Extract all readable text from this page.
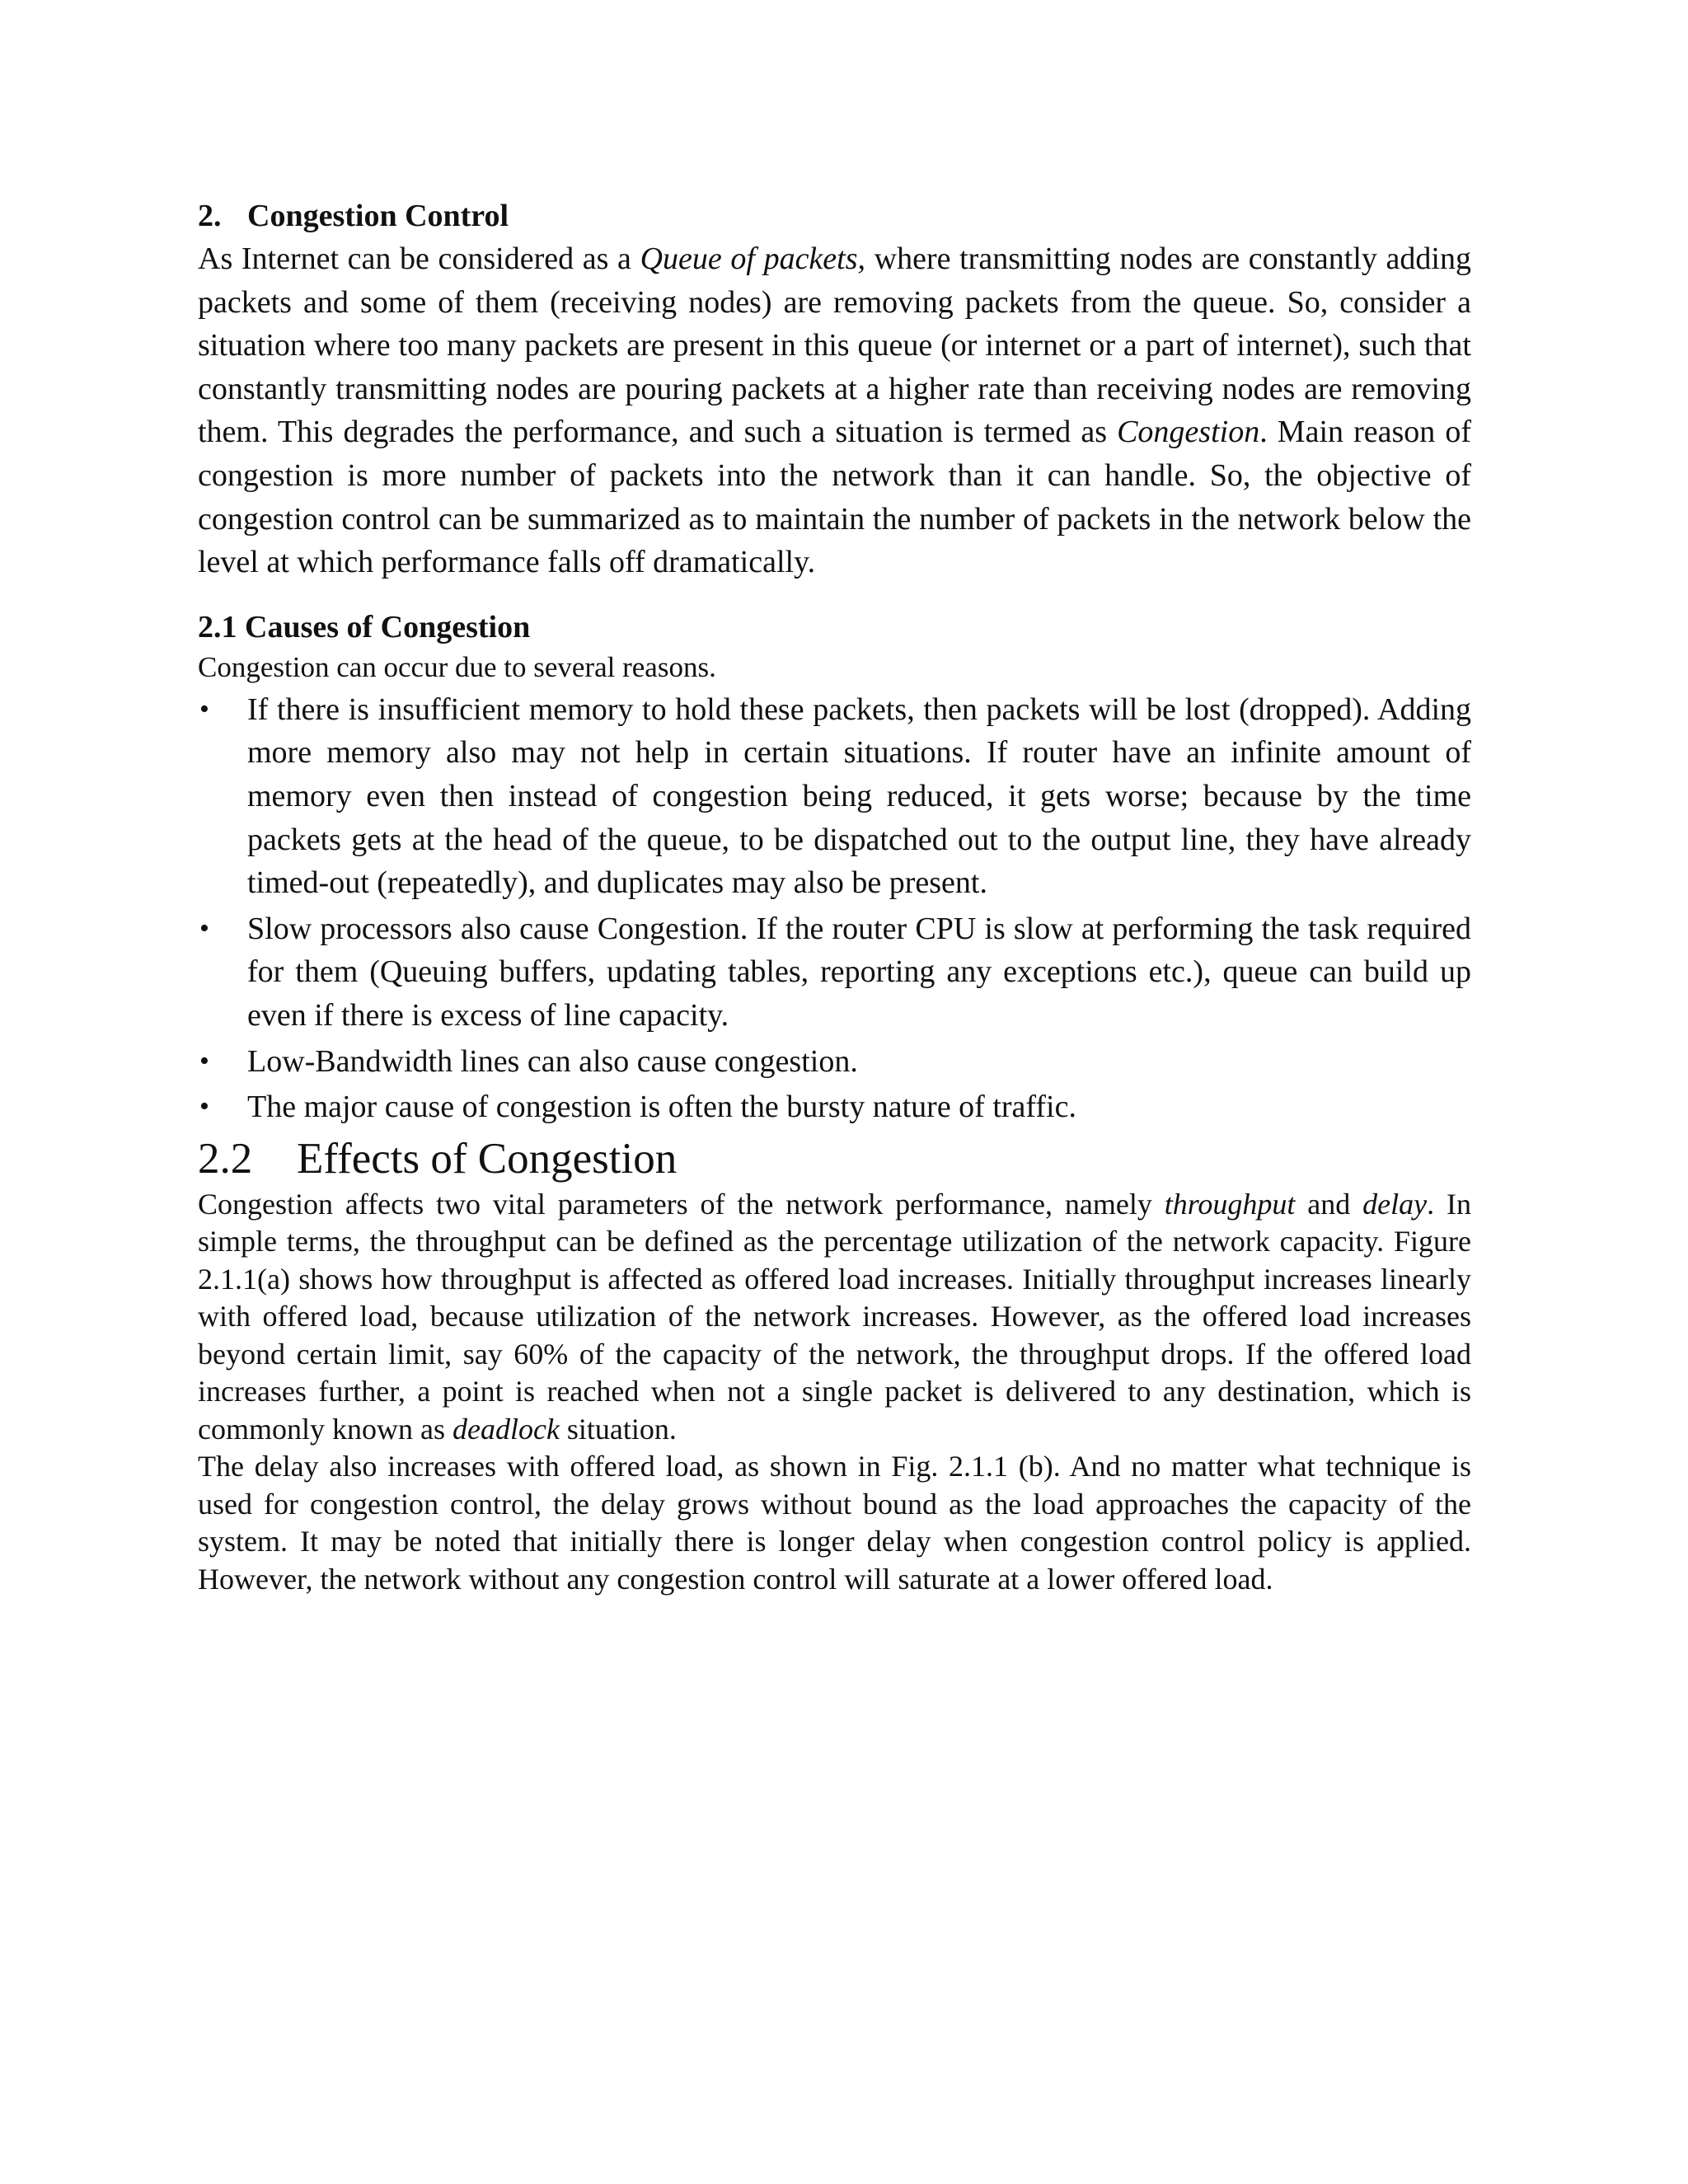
2. Congestion Control

As Internet can be considered as a Queue of packets, where transmitting nodes are constantly adding packets and some of them (receiving nodes) are removing packets from the queue. So, consider a situation where too many packets are present in this queue (or internet or a part of internet), such that constantly transmitting nodes are pouring packets at a higher rate than receiving nodes are removing them. This degrades the performance, and such a situation is termed as Congestion. Main reason of congestion is more number of packets into the network than it can handle. So, the objective of congestion control can be summarized as to maintain the number of packets in the network below the level at which performance falls off dramatically.

2.1 Causes of Congestion

Congestion can occur due to several reasons.

• If there is insufficient memory to hold these packets, then packets will be lost (dropped). Adding more memory also may not help in certain situations. If router have an infinite amount of memory even then instead of congestion being reduced, it gets worse; because by the time packets gets at the head of the queue, to be dispatched out to the output line, they have already timed-out (repeatedly), and duplicates may also be present.
• Slow processors also cause Congestion. If the router CPU is slow at performing the task required for them (Queuing buffers, updating tables, reporting any exceptions etc.), queue can build up even if there is excess of line capacity.
• Low-Bandwidth lines can also cause congestion.
• The major cause of congestion is often the bursty nature of traffic.
2.2 Effects of Congestion

Congestion affects two vital parameters of the network performance, namely throughput and delay. In simple terms, the throughput can be defined as the percentage utilization of the network capacity. Figure 2.1.1(a) shows how throughput is affected as offered load increases. Initially throughput increases linearly with offered load, because utilization of the network increases. However, as the offered load increases beyond certain limit, say 60% of the capacity of the network, the throughput drops. If the offered load increases further, a point is reached when not a single packet is delivered to any destination, which is commonly known as deadlock situation.

The delay also increases with offered load, as shown in Fig. 2.1.1 (b). And no matter what technique is used for congestion control, the delay grows without bound as the load approaches the capacity of the system. It may be noted that initially there is longer delay when congestion control policy is applied. However, the network without any congestion control will saturate at a lower offered load.
